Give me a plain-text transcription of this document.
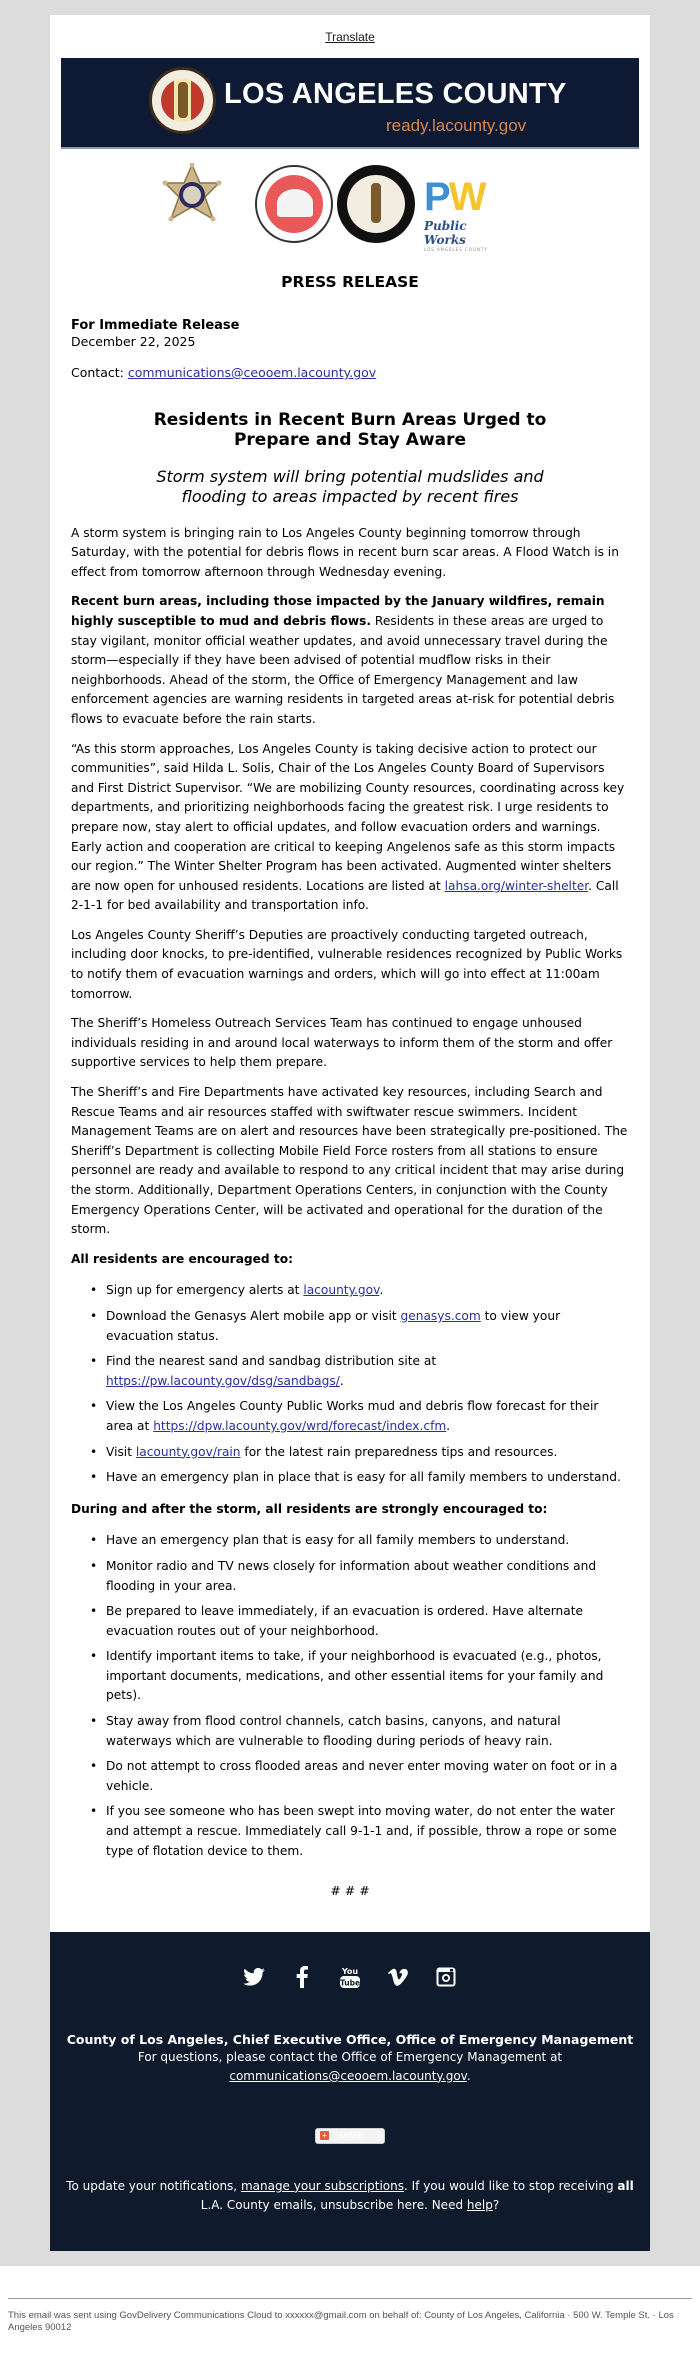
Translate
LOS ANGELES COUNTY
ready.lacounty.gov
PW
Public Works
LOS ANGELES COUNTY
PRESS RELEASE
For Immediate Release
December 22, 2025
Contact: communications@ceooem.lacounty.gov
Residents in Recent Burn Areas Urged to Prepare and Stay Aware
Storm system will bring potential mudslides and flooding to areas impacted by recent fires

A storm system is bringing rain to Los Angeles County beginning tomorrow through Saturday, with the potential for debris flows in recent burn scar areas. A Flood Watch is in effect from tomorrow afternoon through Wednesday evening.

Recent burn areas, including those impacted by the January wildfires, remain highly susceptible to mud and debris flows. Residents in these areas are urged to stay vigilant, monitor official weather updates, and avoid unnecessary travel during the storm—especially if they have been advised of potential mudflow risks in their neighborhoods. Ahead of the storm, the Office of Emergency Management and law enforcement agencies are warning residents in targeted areas at-risk for potential debris flows to evacuate before the rain starts.

“As this storm approaches, Los Angeles County is taking decisive action to protect our communities”, said Hilda L. Solis, Chair of the Los Angeles County Board of Supervisors and First District Supervisor. “We are mobilizing County resources, coordinating across key departments, and prioritizing neighborhoods facing the greatest risk. I urge residents to prepare now, stay alert to official updates, and follow evacuation orders and warnings. Early action and cooperation are critical to keeping Angelenos safe as this storm impacts our region.” The Winter Shelter Program has been activated. Augmented winter shelters are now open for unhoused residents. Locations are listed at lahsa.org/winter-shelter. Call 2-1-1 for bed availability and transportation info.

Los Angeles County Sheriff’s Deputies are proactively conducting targeted outreach, including door knocks, to pre-identified, vulnerable residences recognized by Public Works to notify them of evacuation warnings and orders, which will go into effect at 11:00am tomorrow.

The Sheriff’s Homeless Outreach Services Team has continued to engage unhoused individuals residing in and around local waterways to inform them of the storm and offer supportive services to help them prepare.

The Sheriff’s and Fire Departments have activated key resources, including Search and Rescue Teams and air resources staffed with swiftwater rescue swimmers. Incident Management Teams are on alert and resources have been strategically pre-positioned. The Sheriff’s Department is collecting Mobile Field Force rosters from all stations to ensure personnel are ready and available to respond to any critical incident that may arise during the storm. Additionally, Department Operations Centers, in conjunction with the County Emergency Operations Center, will be activated and operational for the duration of the storm.

All residents are encouraged to:
• Sign up for emergency alerts at lacounty.gov.
• Download the Genasys Alert mobile app or visit genasys.com to view your evacuation status.
• Find the nearest sand and sandbag distribution site at https://pw.lacounty.gov/dsg/sandbags/.
• View the Los Angeles County Public Works mud and debris flow forecast for their area at https://dpw.lacounty.gov/wrd/forecast/index.cfm.
• Visit lacounty.gov/rain for the latest rain preparedness tips and resources.
• Have an emergency plan in place that is easy for all family members to understand.
During and after the storm, all residents are strongly encouraged to:
• Have an emergency plan that is easy for all family members to understand.
• Monitor radio and TV news closely for information about weather conditions and flooding in your area.
• Be prepared to leave immediately, if an evacuation is ordered. Have alternate evacuation routes out of your neighborhood.
• Identify important items to take, if your neighborhood is evacuated (e.g., photos, important documents, medications, and other essential items for your family and pets).
• Stay away from flood control channels, catch basins, canyons, and natural waterways which are vulnerable to flooding during periods of heavy rain.
• Do not attempt to cross flooded areas and never enter moving water on foot or in a vehicle.
• If you see someone who has been swept into moving water, do not enter the water and attempt a rescue. Immediately call 9-1-1 and, if possible, throw a rope or some type of flotation device to them.
# # #
You
Tube
County of Los Angeles, Chief Executive Office, Office of Emergency Management
For questions, please contact the Office of Emergency Management at
communications@ceooem.lacounty.gov.
+ SHARE
To update your notifications, manage your subscriptions. If you would like to stop receiving all L.A. County emails, unsubscribe here. Need help?
This email was sent using GovDelivery Communications Cloud to xxxxxx@gmail.com on behalf of: County of Los Angeles, California · 500 W. Temple St. · Los Angeles 90012
